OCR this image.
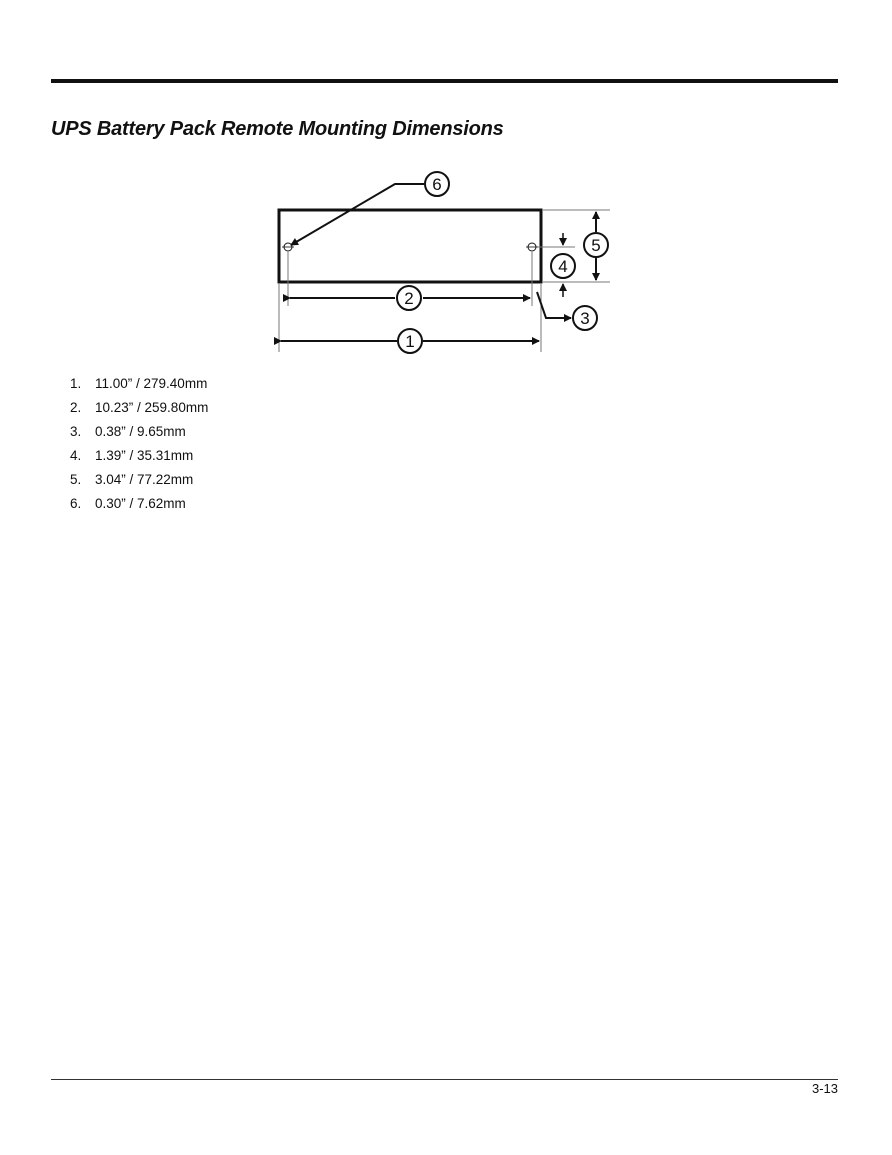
UPS Battery Pack Remote Mounting Dimensions
1
2
3
4
5
6
1.	11.00” / 279.40mm
2.	10.23” / 259.80mm
3.	0.38” / 9.65mm
4.	1.39” / 35.31mm
5.	3.04” / 77.22mm
6.	0.30” / 7.62mm
3-13
